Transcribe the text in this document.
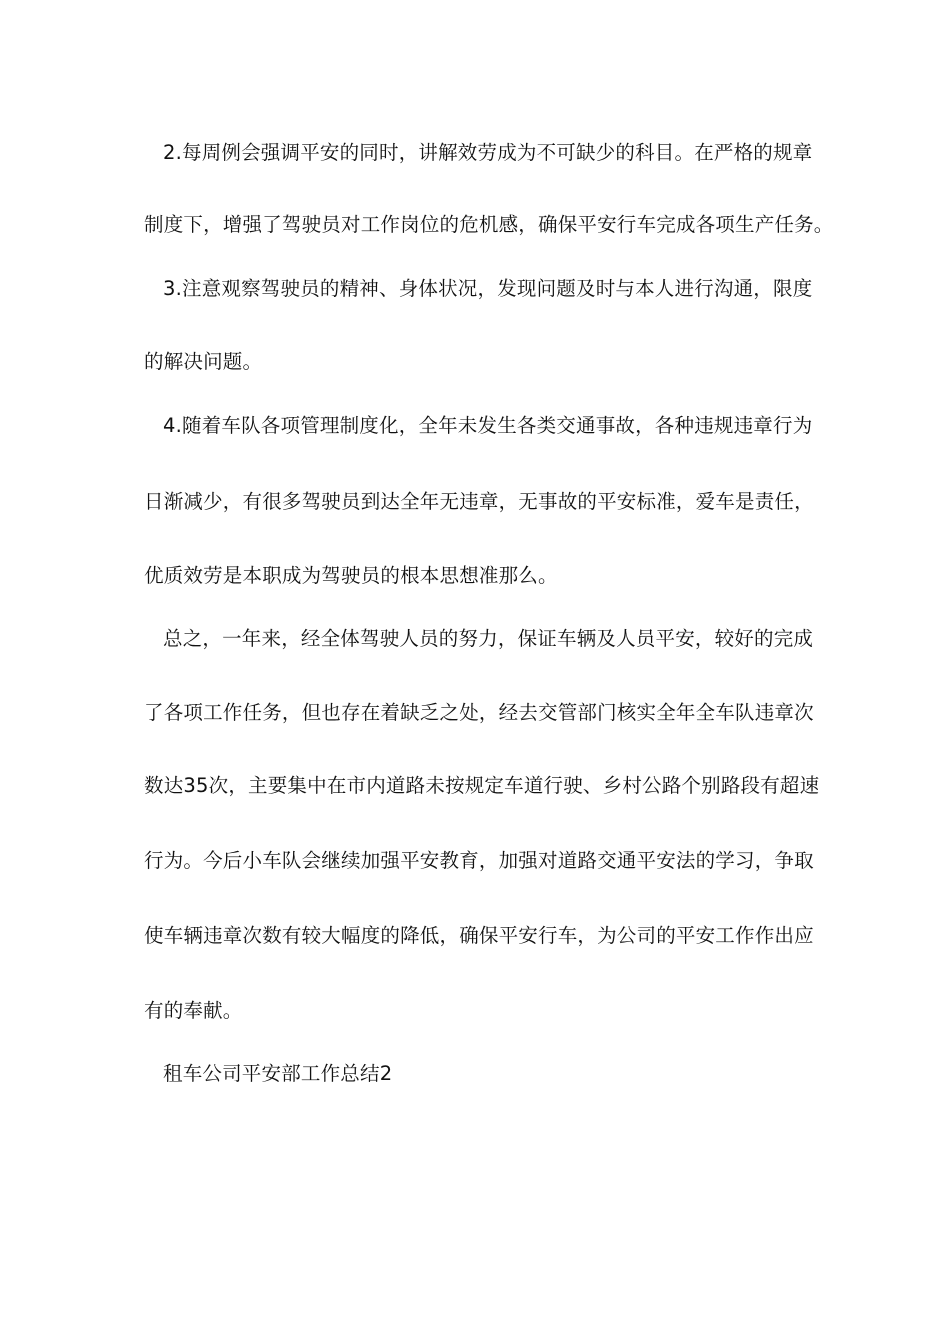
2.每周例会强调平安的同时，讲解效劳成为不可缺少的科目。在严格的规章
制度下，增强了驾驶员对工作岗位的危机感，确保平安行车完成各项生产任务。
3.注意观察驾驶员的精神、身体状况，发现问题及时与本人进行沟通，限度
的解决问题。
4.随着车队各项管理制度化，全年未发生各类交通事故，各种违规违章行为
日渐减少，有很多驾驶员到达全年无违章，无事故的平安标准，爱车是责任，
优质效劳是本职成为驾驶员的根本思想准那么。
总之，一年来，经全体驾驶人员的努力，保证车辆及人员平安，较好的完成
了各项工作任务，但也存在着缺乏之处，经去交管部门核实全年全车队违章次
数达35次，主要集中在市内道路未按规定车道行驶、乡村公路个别路段有超速
行为。今后小车队会继续加强平安教育，加强对道路交通平安法的学习，争取
使车辆违章次数有较大幅度的降低，确保平安行车，为公司的平安工作作出应
有的奉献。
租车公司平安部工作总结2
